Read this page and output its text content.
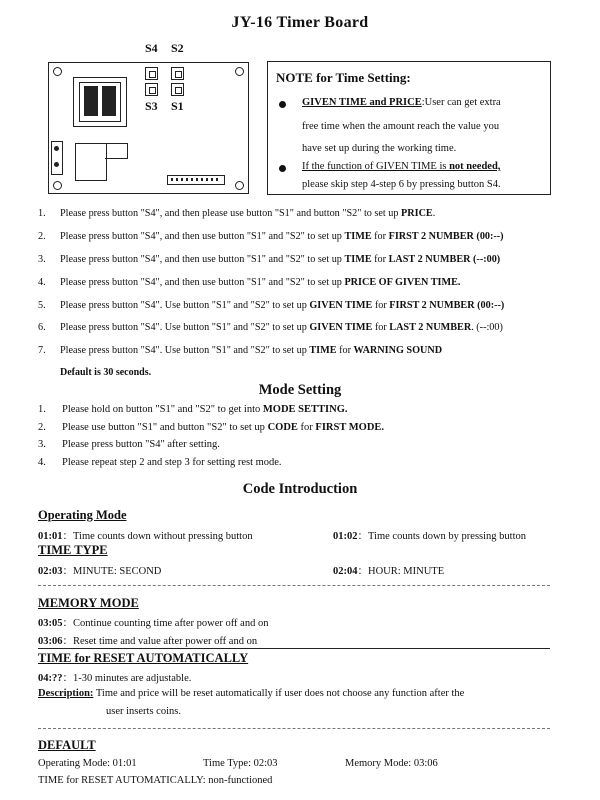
JY-16 Timer Board
S4 S2
S3 S1
NOTE for Time Setting:
GIVEN TIME and PRICE:User can get extra
free time when the amount reach the value you
have set up during the working time.
If the function of GIVEN TIME is not needed,
please skip step 4-step 6 by pressing button S4.
1. Please press button "S4", and then please use button "S1" and button "S2" to set up PRICE.
2. Please press button "S4", and then use button "S1" and "S2" to set up TIME for FIRST 2 NUMBER (00:--)
3. Please press button "S4", and then use button "S1" and "S2" to set up TIME for LAST 2 NUMBER (--:00)
4. Please press button "S4", and then use button "S1" and "S2" to set up PRICE OF GIVEN TIME.
5. Please press button "S4". Use button "S1" and "S2" to set up GIVEN TIME for FIRST 2 NUMBER (00:--)
6. Please press button "S4". Use button "S1" and "S2" to set up GIVEN TIME for LAST 2 NUMBER. (--:00)
7. Please press button "S4". Use button "S1" and "S2" to set up TIME for WARNING SOUND
Default is 30 seconds.
Mode Setting
1. Please hold on button "S1" and "S2" to get into MODE SETTING.
2. Please use button "S1" and button "S2" to set up CODE for FIRST MODE.
3. Please press button "S4" after setting.
4. Please repeat step 2 and step 3 for setting rest mode.
Code Introduction
Operating Mode
01:01：Time counts down without pressing button	01:02：Time counts down by pressing button
TIME TYPE
02:03：MINUTE: SECOND	02:04：HOUR: MINUTE
MEMORY MODE
03:05：Continue counting time after power off and on
03:06：Reset time and value after power off and on
TIME for RESET AUTOMATICALLY
04:??：1-30 minutes are adjustable.
Description: Time and price will be reset automatically if user does not choose any function after the
user inserts coins.
DEFAULT
Operating Mode: 01:01	Time Type: 02:03	Memory Mode: 03:06
TIME for RESET AUTOMATICALLY: non-functioned
